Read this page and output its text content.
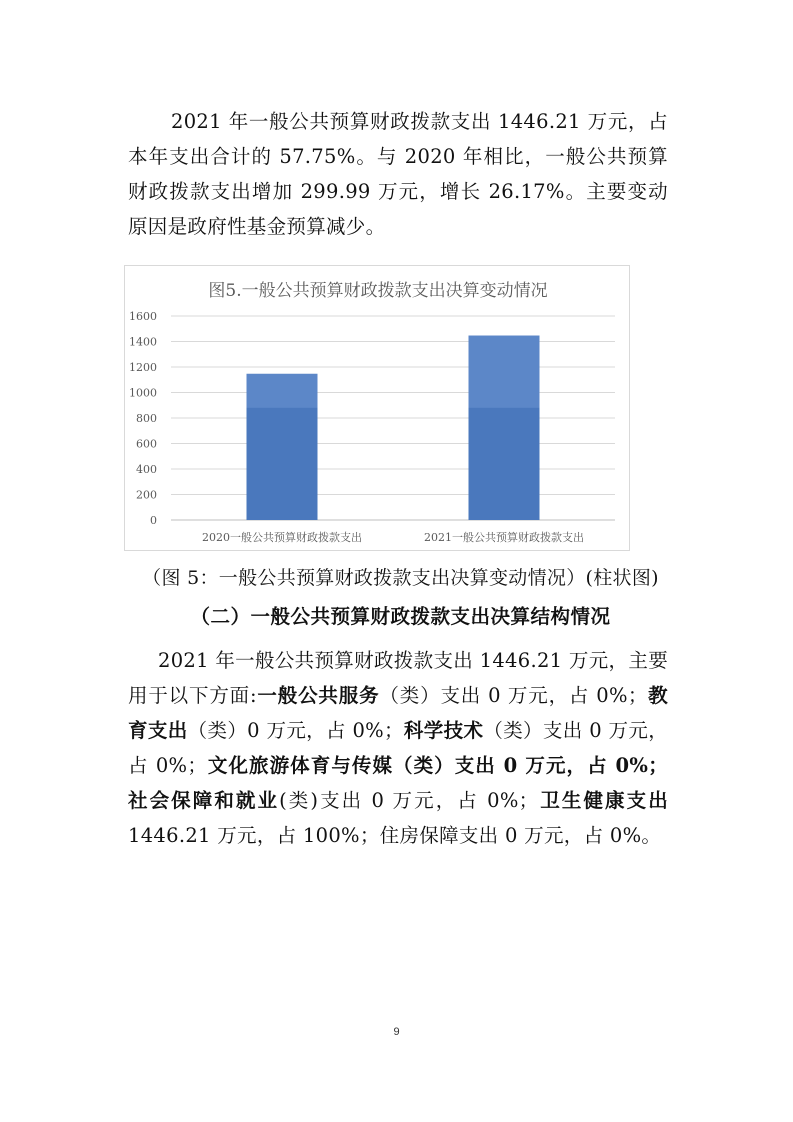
2021 年一般公共预算财政拨款支出 1446.21 万元，占本年支出合计的 57.75%。与 2020 年相比，一般公共预算财政拨款支出增加 299.99 万元，增长 26.17%。主要变动原因是政府性基金预算减少。

图5.一般公共预算财政拨款支出决算变动情况
0
200
400
600
800
1000
1200
1400
1600
2020一般公共预算财政拨款支出	2021一般公共预算财政拨款支出

（图 5：一般公共预算财政拨款支出决算变动情况）(柱状图)

（二）一般公共预算财政拨款支出决算结构情况

2021 年一般公共预算财政拨款支出 1446.21 万元，主要用于以下方面:一般公共服务（类）支出 0 万元，占 0%；教育支出（类）0 万元，占 0%；科学技术（类）支出 0 万元，占 0%；文化旅游体育与传媒（类）支出 0 万元，占 0%；社会保障和就业(类)支出 0 万元，占 0%；卫生健康支出 1446.21 万元，占 100%；住房保障支出 0 万元，占 0%。

9
